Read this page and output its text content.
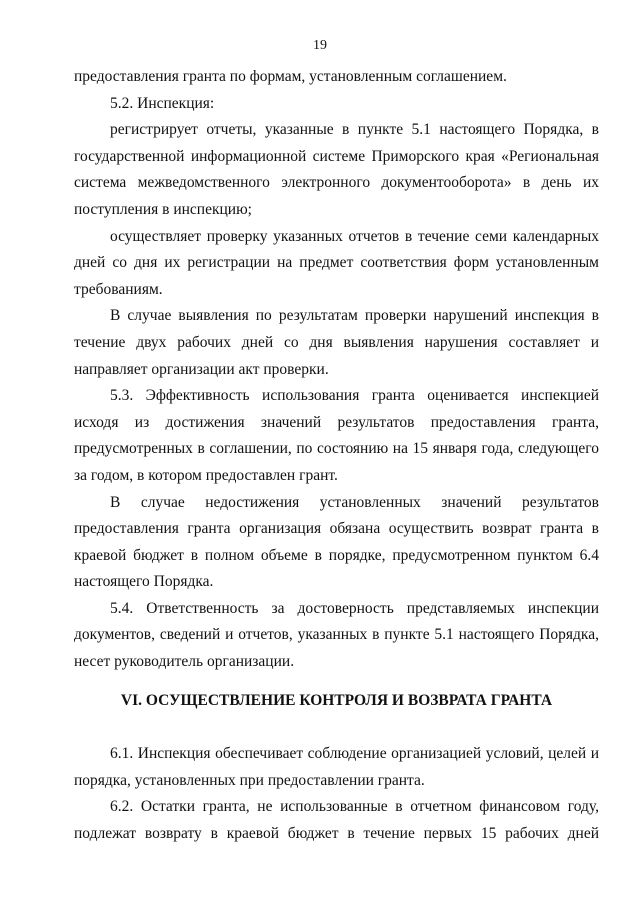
19

предоставления гранта по формам, установленным соглашением.

5.2. Инспекция:

регистрирует отчеты, указанные в пункте 5.1 настоящего Порядка, в государственной информационной системе Приморского края «Региональная система межведомственного электронного документооборота» в день их поступления в инспекцию;

осуществляет проверку указанных отчетов в течение семи календарных дней со дня их регистрации на предмет соответствия форм установленным требованиям.

В случае выявления по результатам проверки нарушений инспекция в течение двух рабочих дней со дня выявления нарушения составляет и направляет организации акт проверки.

5.3. Эффективность использования гранта оценивается инспекцией исходя из достижения значений результатов предоставления гранта, предусмотренных в соглашении, по состоянию на 15 января года, следующего за годом, в котором предоставлен грант.

В случае недостижения установленных значений результатов предоставления гранта организация обязана осуществить возврат гранта в краевой бюджет в полном объеме в порядке, предусмотренном пунктом 6.4 настоящего Порядка.

5.4. Ответственность за достоверность представляемых инспекции документов, сведений и отчетов, указанных в пункте 5.1 настоящего Порядка, несет руководитель организации.

VI. ОСУЩЕСТВЛЕНИЕ КОНТРОЛЯ И ВОЗВРАТА ГРАНТА

6.1. Инспекция обеспечивает соблюдение организацией условий, целей и порядка, установленных при предоставлении гранта.

6.2. Остатки гранта, не использованные в отчетном финансовом году, подлежат возврату в краевой бюджет в течение первых 15 рабочих дней
